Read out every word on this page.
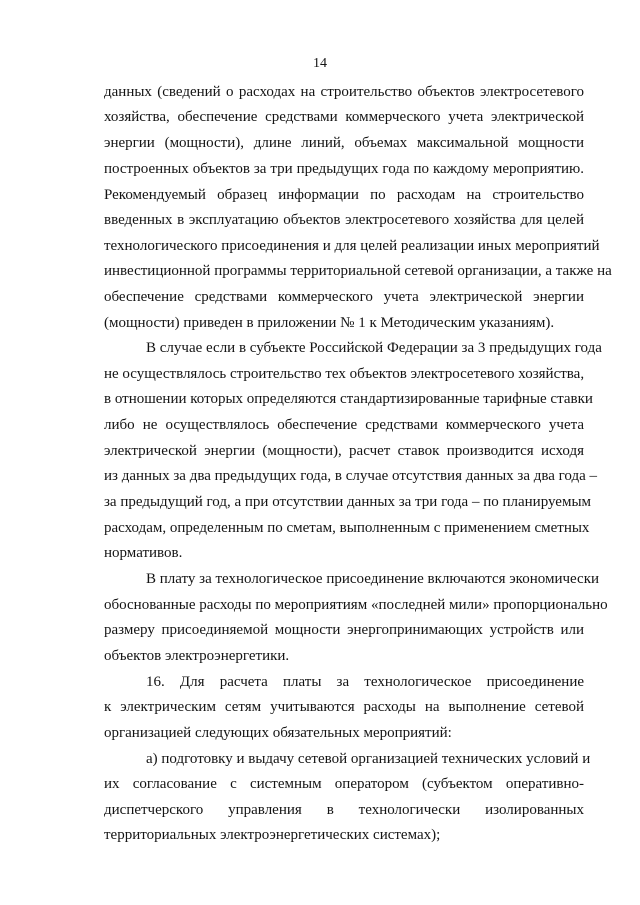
14
данных (сведений о расходах на строительство объектов электросетевого
хозяйства, обеспечение средствами коммерческого учета электрической
энергии (мощности), длине линий, объемах максимальной мощности
построенных объектов за три предыдущих года по каждому мероприятию.
Рекомендуемый образец информации по расходам на строительство
введенных в эксплуатацию объектов электросетевого хозяйства для целей
технологического присоединения и для целей реализации иных мероприятий
инвестиционной программы территориальной сетевой организации, а также на
обеспечение средствами коммерческого учета электрической энергии
(мощности) приведен в приложении № 1 к Методическим указаниям).
В случае если в субъекте Российской Федерации за 3 предыдущих года
не осуществлялось строительство тех объектов электросетевого хозяйства,
в отношении которых определяются стандартизированные тарифные ставки
либо не осуществлялось обеспечение средствами коммерческого учета
электрической энергии (мощности), расчет ставок производится исходя
из данных за два предыдущих года, в случае отсутствия данных за два года –
за предыдущий год, а при отсутствии данных за три года – по планируемым
расходам, определенным по сметам, выполненным с применением сметных
нормативов.
В плату за технологическое присоединение включаются экономически
обоснованные расходы по мероприятиям «последней мили» пропорционально
размеру присоединяемой мощности энергопринимающих устройств или
объектов электроэнергетики.
16. Для расчета платы за технологическое присоединение
к электрическим сетям учитываются расходы на выполнение сетевой
организацией следующих обязательных мероприятий:
а) подготовку и выдачу сетевой организацией технических условий и
их согласование с системным оператором (субъектом оперативно-
диспетчерского управления в технологически изолированных
территориальных электроэнергетических системах);
